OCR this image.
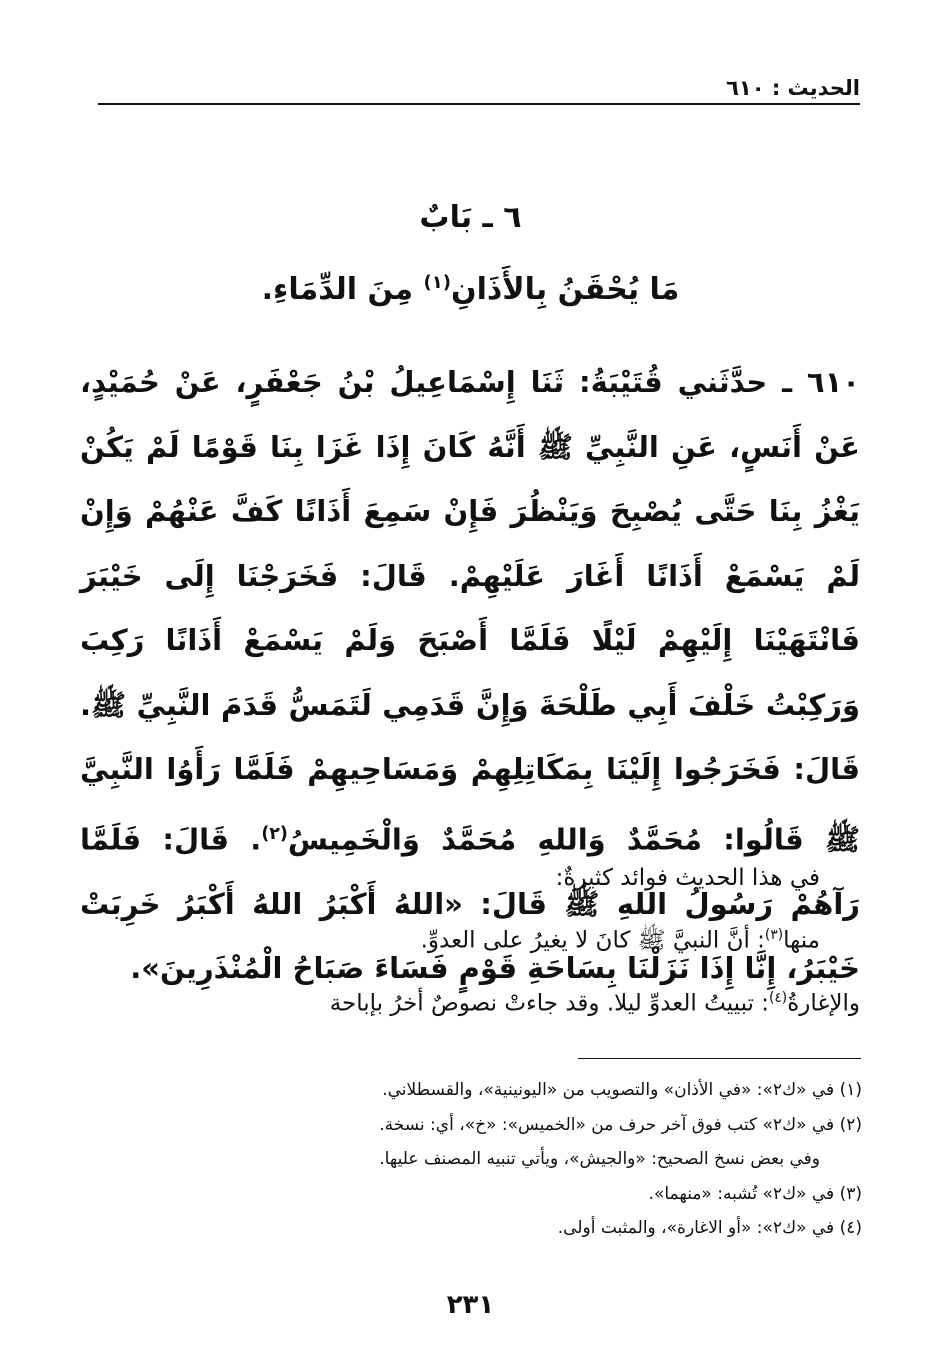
الحديث : ٦١٠
٦ ـ بَابٌ
مَا يُحْقَنُ بِالأَذَانِ$^{(١)}$ مِنَ الدِّمَاءِ.

٦١٠ ـ حدَّثَني قُتَيْبَةُ: ثَنَا إِسْمَاعِيلُ بْنُ جَعْفَرٍ، عَنْ حُمَيْدٍ، عَنْ أَنَسٍ، عَنِ النَّبِيِّ ﷺ أَنَّهُ كَانَ إِذَا غَزَا بِنَا قَوْمًا لَمْ يَكُنْ يَغْزُ بِنَا حَتَّى يُصْبِحَ وَيَنْظُرَ فَإِنْ سَمِعَ أَذَانًا كَفَّ عَنْهُمْ وَإِنْ لَمْ يَسْمَعْ أَذَانًا أَغَارَ عَلَيْهِمْ. قَالَ: فَخَرَجْنَا إِلَى خَيْبَرَ فَانْتَهَيْنَا إِلَيْهِمْ لَيْلًا فَلَمَّا أَصْبَحَ وَلَمْ يَسْمَعْ أَذَانًا رَكِبَ وَرَكِبْتُ خَلْفَ أَبِي طَلْحَةَ وَإِنَّ قَدَمِي لَتَمَسُّ قَدَمَ النَّبِيِّ ﷺ. قَالَ: فَخَرَجُوا إِلَيْنَا بِمَكَاتِلِهِمْ وَمَسَاحِيهِمْ فَلَمَّا رَأَوُا النَّبِيَّ ﷺ قَالُوا: مُحَمَّدٌ وَاللهِ مُحَمَّدٌ وَالْخَمِيسُ$^{(٢)}$. قَالَ: فَلَمَّا رَآهُمْ رَسُولُ اللهِ ﷺ قَالَ: «اللهُ أَكْبَرُ اللهُ أَكْبَرُ خَرِبَتْ خَيْبَرُ، إِنَّا إِذَا نَزَلْنَا بِسَاحَةِ قَوْمٍ فَسَاءَ صَبَاحُ الْمُنْذَرِينَ».

في هذا الحديث فوائد كثيرةٌ:

منها$^{(٣)}$: أنَّ النبيَّ ﷺ كانَ لا يغيرُ على العدوِّ.

والإغارةُ$^{(٤)}$: تبييتُ العدوِّ ليلا. وقد جاءتْ نصوصٌ أخرُ بإباحة

(١) في «ك٢»: «في الأذان» والتصويب من «اليونينية»، والقسطلاني.

(٢) في «ك٢» كتب فوق آخر حرف من «الخميس»: «خ»، أي: نسخة.

وفي بعض نسخ الصحيح: «والجيش»، ويأتي تنبيه المصنف عليها.

(٣) في «ك٢» تُشبه: «منهما».

(٤) في «ك٢»: «أو الاغارة»، والمثبت أولى.

٢٣١
